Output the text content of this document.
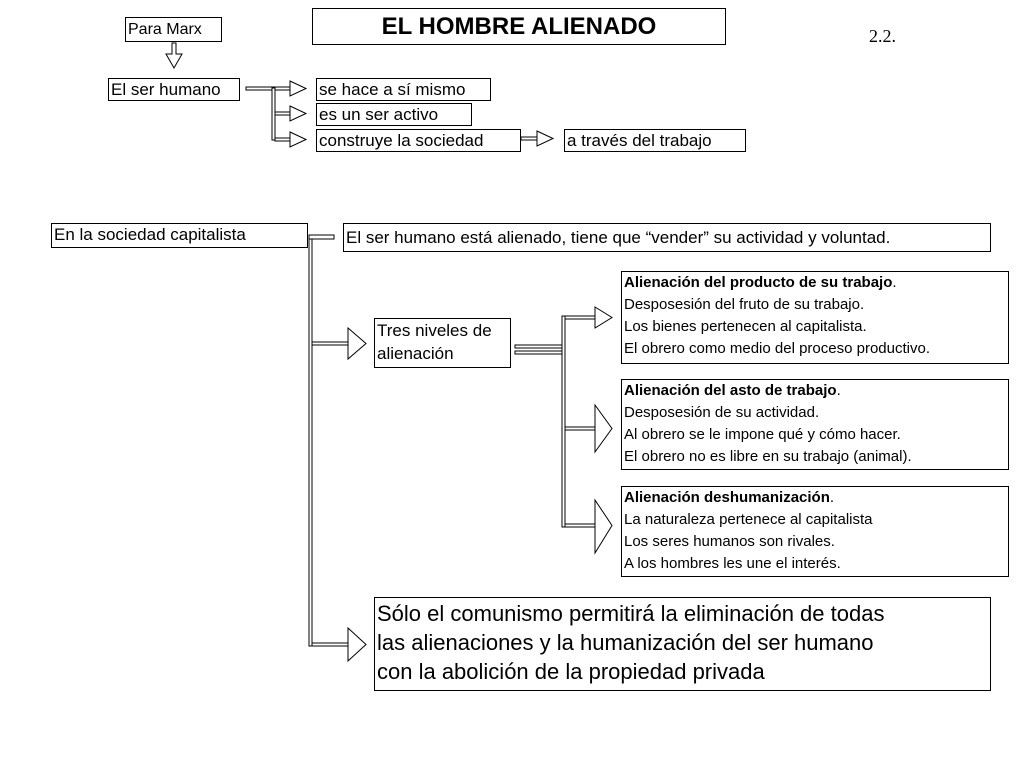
EL HOMBRE ALIENADO	2.2.
Para Marx
El ser humano	se hace a sí mismo
es un ser activo
construye la sociedad	a través del trabajo
En la sociedad capitalista	El ser humano está alienado, tiene que “vender” su actividad y voluntad.
Tres niveles de
alienación
Alienación del producto de su trabajo.
Desposesión del fruto de su trabajo.
Los bienes pertenecen al capitalista.
El obrero como medio del proceso productivo.
Alienación del asto de trabajo.
Desposesión de su actividad.
Al obrero se le impone qué y cómo hacer.
El obrero no es libre en su trabajo (animal).
Alienación deshumanización.
La naturaleza pertenece al capitalista
Los seres humanos son rivales.
A los hombres les une el interés.
Sólo el comunismo permitirá la eliminación de todas
las alienaciones y la humanización del ser humano
con la abolición de la propiedad privada
